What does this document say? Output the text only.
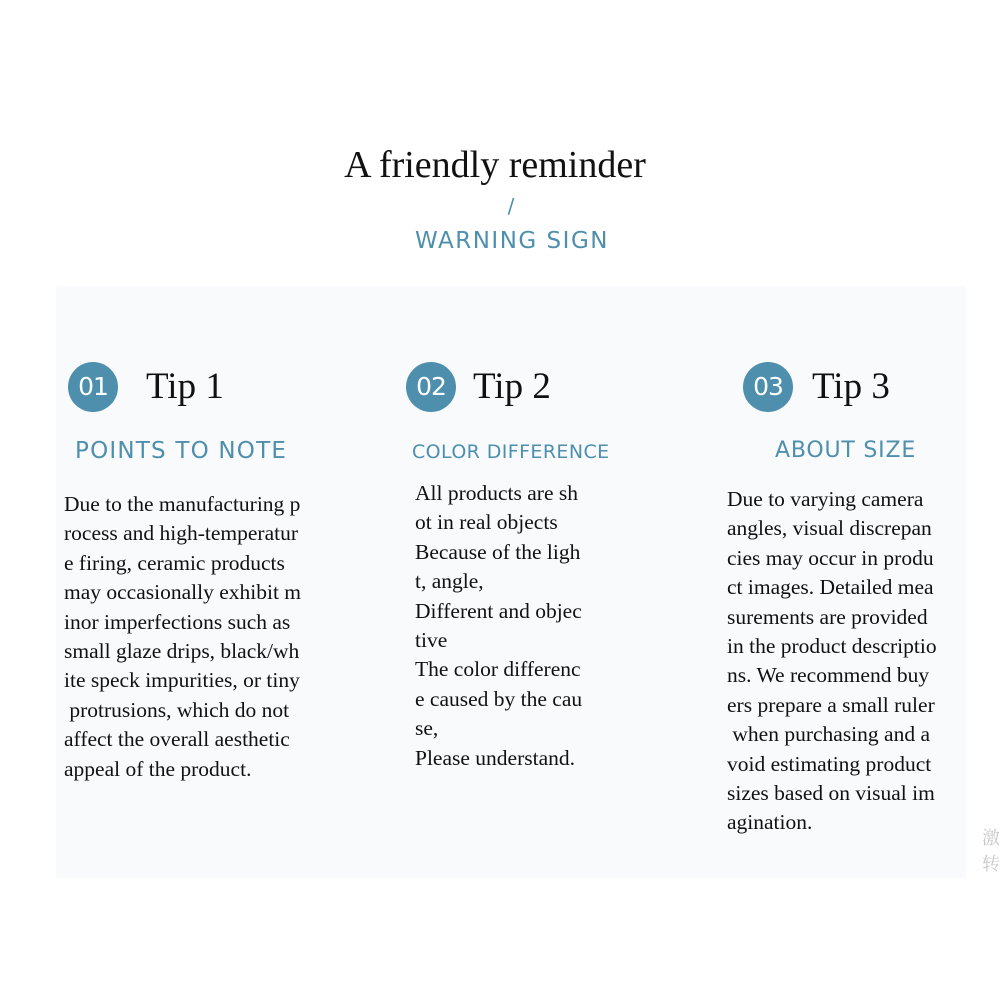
A friendly reminder
/
WARNING SIGN
01 Tip 1
POINTS TO NOTE
Due to the manufacturing p
rocess and high-temperatur
e firing, ceramic products
may occasionally exhibit m
inor imperfections such as
small glaze drips, black/wh
ite speck impurities, or tiny
protrusions, which do not
affect the overall aesthetic
appeal of the product.
02 Tip 2
COLOR DIFFERENCE
All products are sh
ot in real objects
Because of the ligh
t, angle,
Different and objec
tive
The color differenc
e caused by the cau
se,
Please understand.
03 Tip 3
ABOUT SIZE
Due to varying camera
angles, visual discrepan
cies may occur in produ
ct images. Detailed mea
surements are provided
in the product descriptio
ns. We recommend buy
ers prepare a small ruler
when purchasing and a
void estimating product
sizes based on visual im
agination.
激
转
